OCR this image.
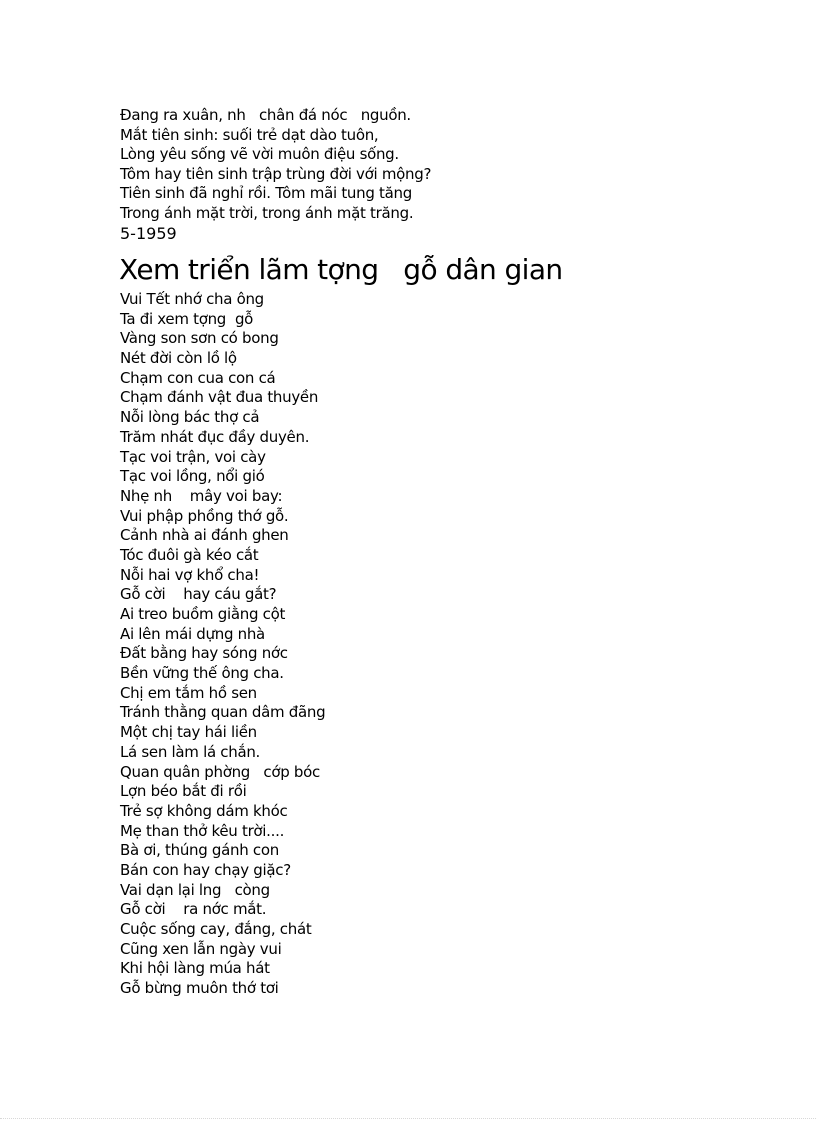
Đang ra xuân, nh   chân đá nóc   nguồn.
Mắt tiên sinh: suối trẻ dạt dào tuôn,
Lòng yêu sống vẽ vời muôn điệu sống.
Tôm hay tiên sinh trập trùng đời với mộng?
Tiên sinh đã nghỉ rồi. Tôm mãi tung tăng
Trong ánh mặt trời, trong ánh mặt trăng.
5-1959
Xem triển lãm tợng   gỗ dân gian
Vui Tết nhớ cha ông
Ta đi xem tợng  gỗ
Vàng son sơn có bong
Nét đời còn lồ lộ
Chạm con cua con cá
Chạm đánh vật đua thuyền
Nỗi lòng bác thợ cả
Trăm nhát đục đầy duyên.
Tạc voi trận, voi cày
Tạc voi lồng, nổi gió
Nhẹ nh    mây voi bay:
Vui phập phồng thớ gỗ.
Cảnh nhà ai đánh ghen
Tóc đuôi gà kéo cắt
Nỗi hai vợ khổ cha!
Gỗ cời    hay cáu gắt?
Ai treo buồm giằng cột
Ai lên mái dựng nhà
Đất bằng hay sóng nớc
Bền vững thế ông cha.
Chị em tắm hồ sen
Tránh thằng quan dâm đãng
Một chị tay hái liền
Lá sen làm lá chắn.
Quan quân phờng   cớp bóc
Lợn béo bắt đi rồi
Trẻ sợ không dám khóc
Mẹ than thở kêu trời....
Bà ơi, thúng gánh con
Bán con hay chạy giặc?
Vai dạn lại lng   còng
Gỗ cời    ra nớc mắt.
Cuộc sống cay, đắng, chát
Cũng xen lẫn ngày vui
Khi hội làng múa hát
Gỗ bừng muôn thớ tơi
